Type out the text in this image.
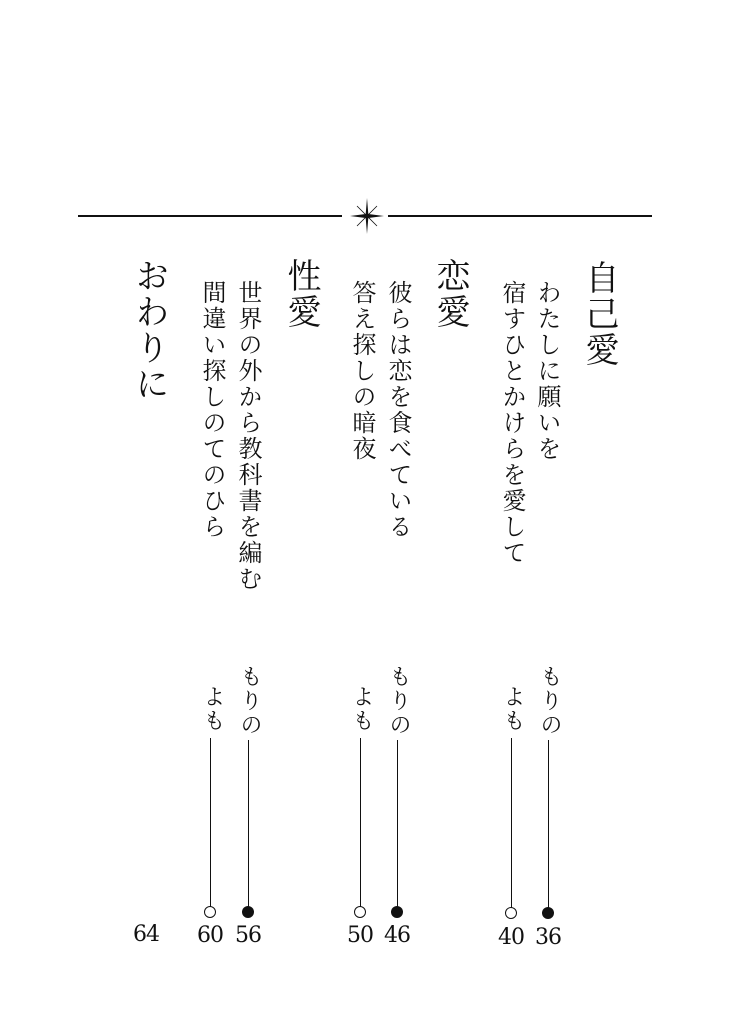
自己愛
わたしに願いを
宿すひとかけらを愛して
恋愛
彼らは恋を食べている
答え探しの暗夜
性愛
世界の外から教科書を編む
間違い探しのてのひら
おわりに
もりの
よも
もりの
よも
もりの
よも
36
40
46
50
56
60
64
